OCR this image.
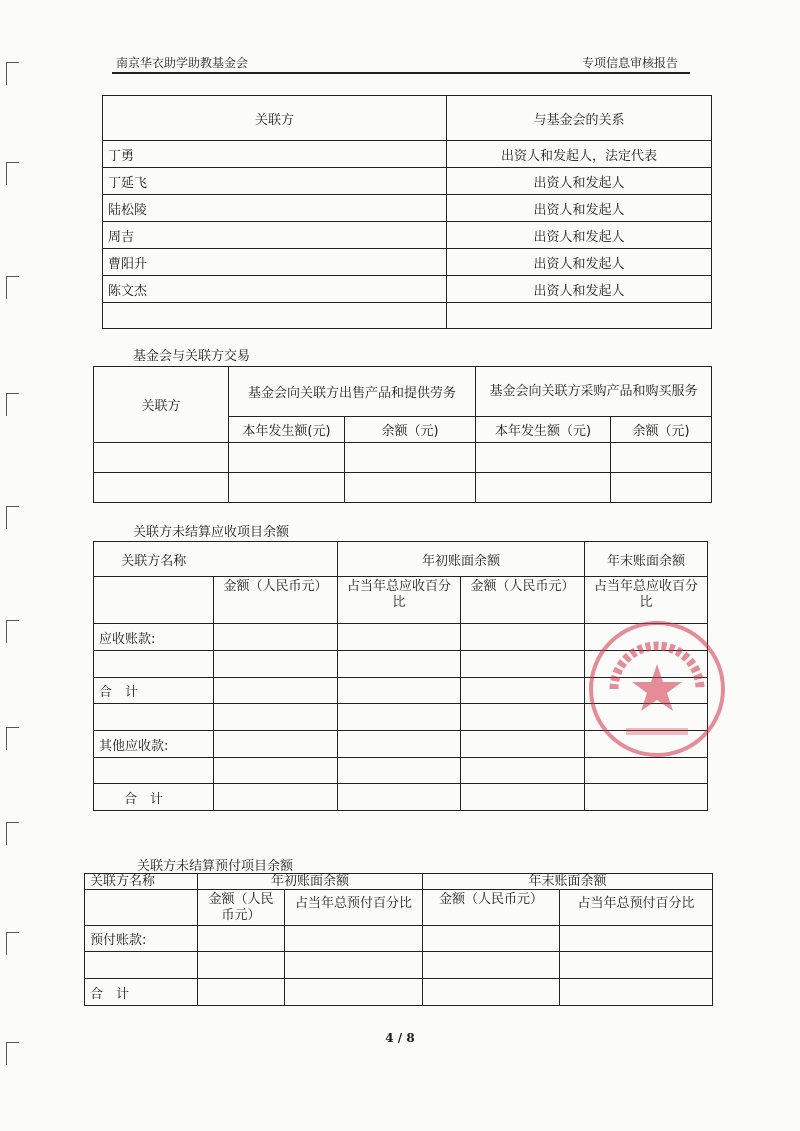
南京华衣助学助教基金会	专项信息审核报告
关联方	与基金会的关系
丁勇	出资人和发起人，法定代表
丁延飞	出资人和发起人
陆松陵	出资人和发起人
周吉	出资人和发起人
曹阳升	出资人和发起人
陈文杰	出资人和发起人

基金会与关联方交易
关联方	基金会向关联方出售产品和提供劳务		基金会向关联方采购产品和购买服务	
	本年发生额(元)	余额（元)	本年发生额（元)	余额（元)

关联方未结算应收项目余额
关联方名称		年初账面余额		年末账面余额
	金额（人民币元）	占当年总应收百分比	金额（人民币元）	占当年总应收百分比
应收账款:				

合　计				

其他应收款:				

合　计				
关联方未结算预付项目余额
关联方名称	年初账面余额		年末账面余额	
	金额（人民币元）	占当年总预付百分比	金额（人民币元）	占当年总预付百分比
预付账款:				

合　计				
4 / 8
